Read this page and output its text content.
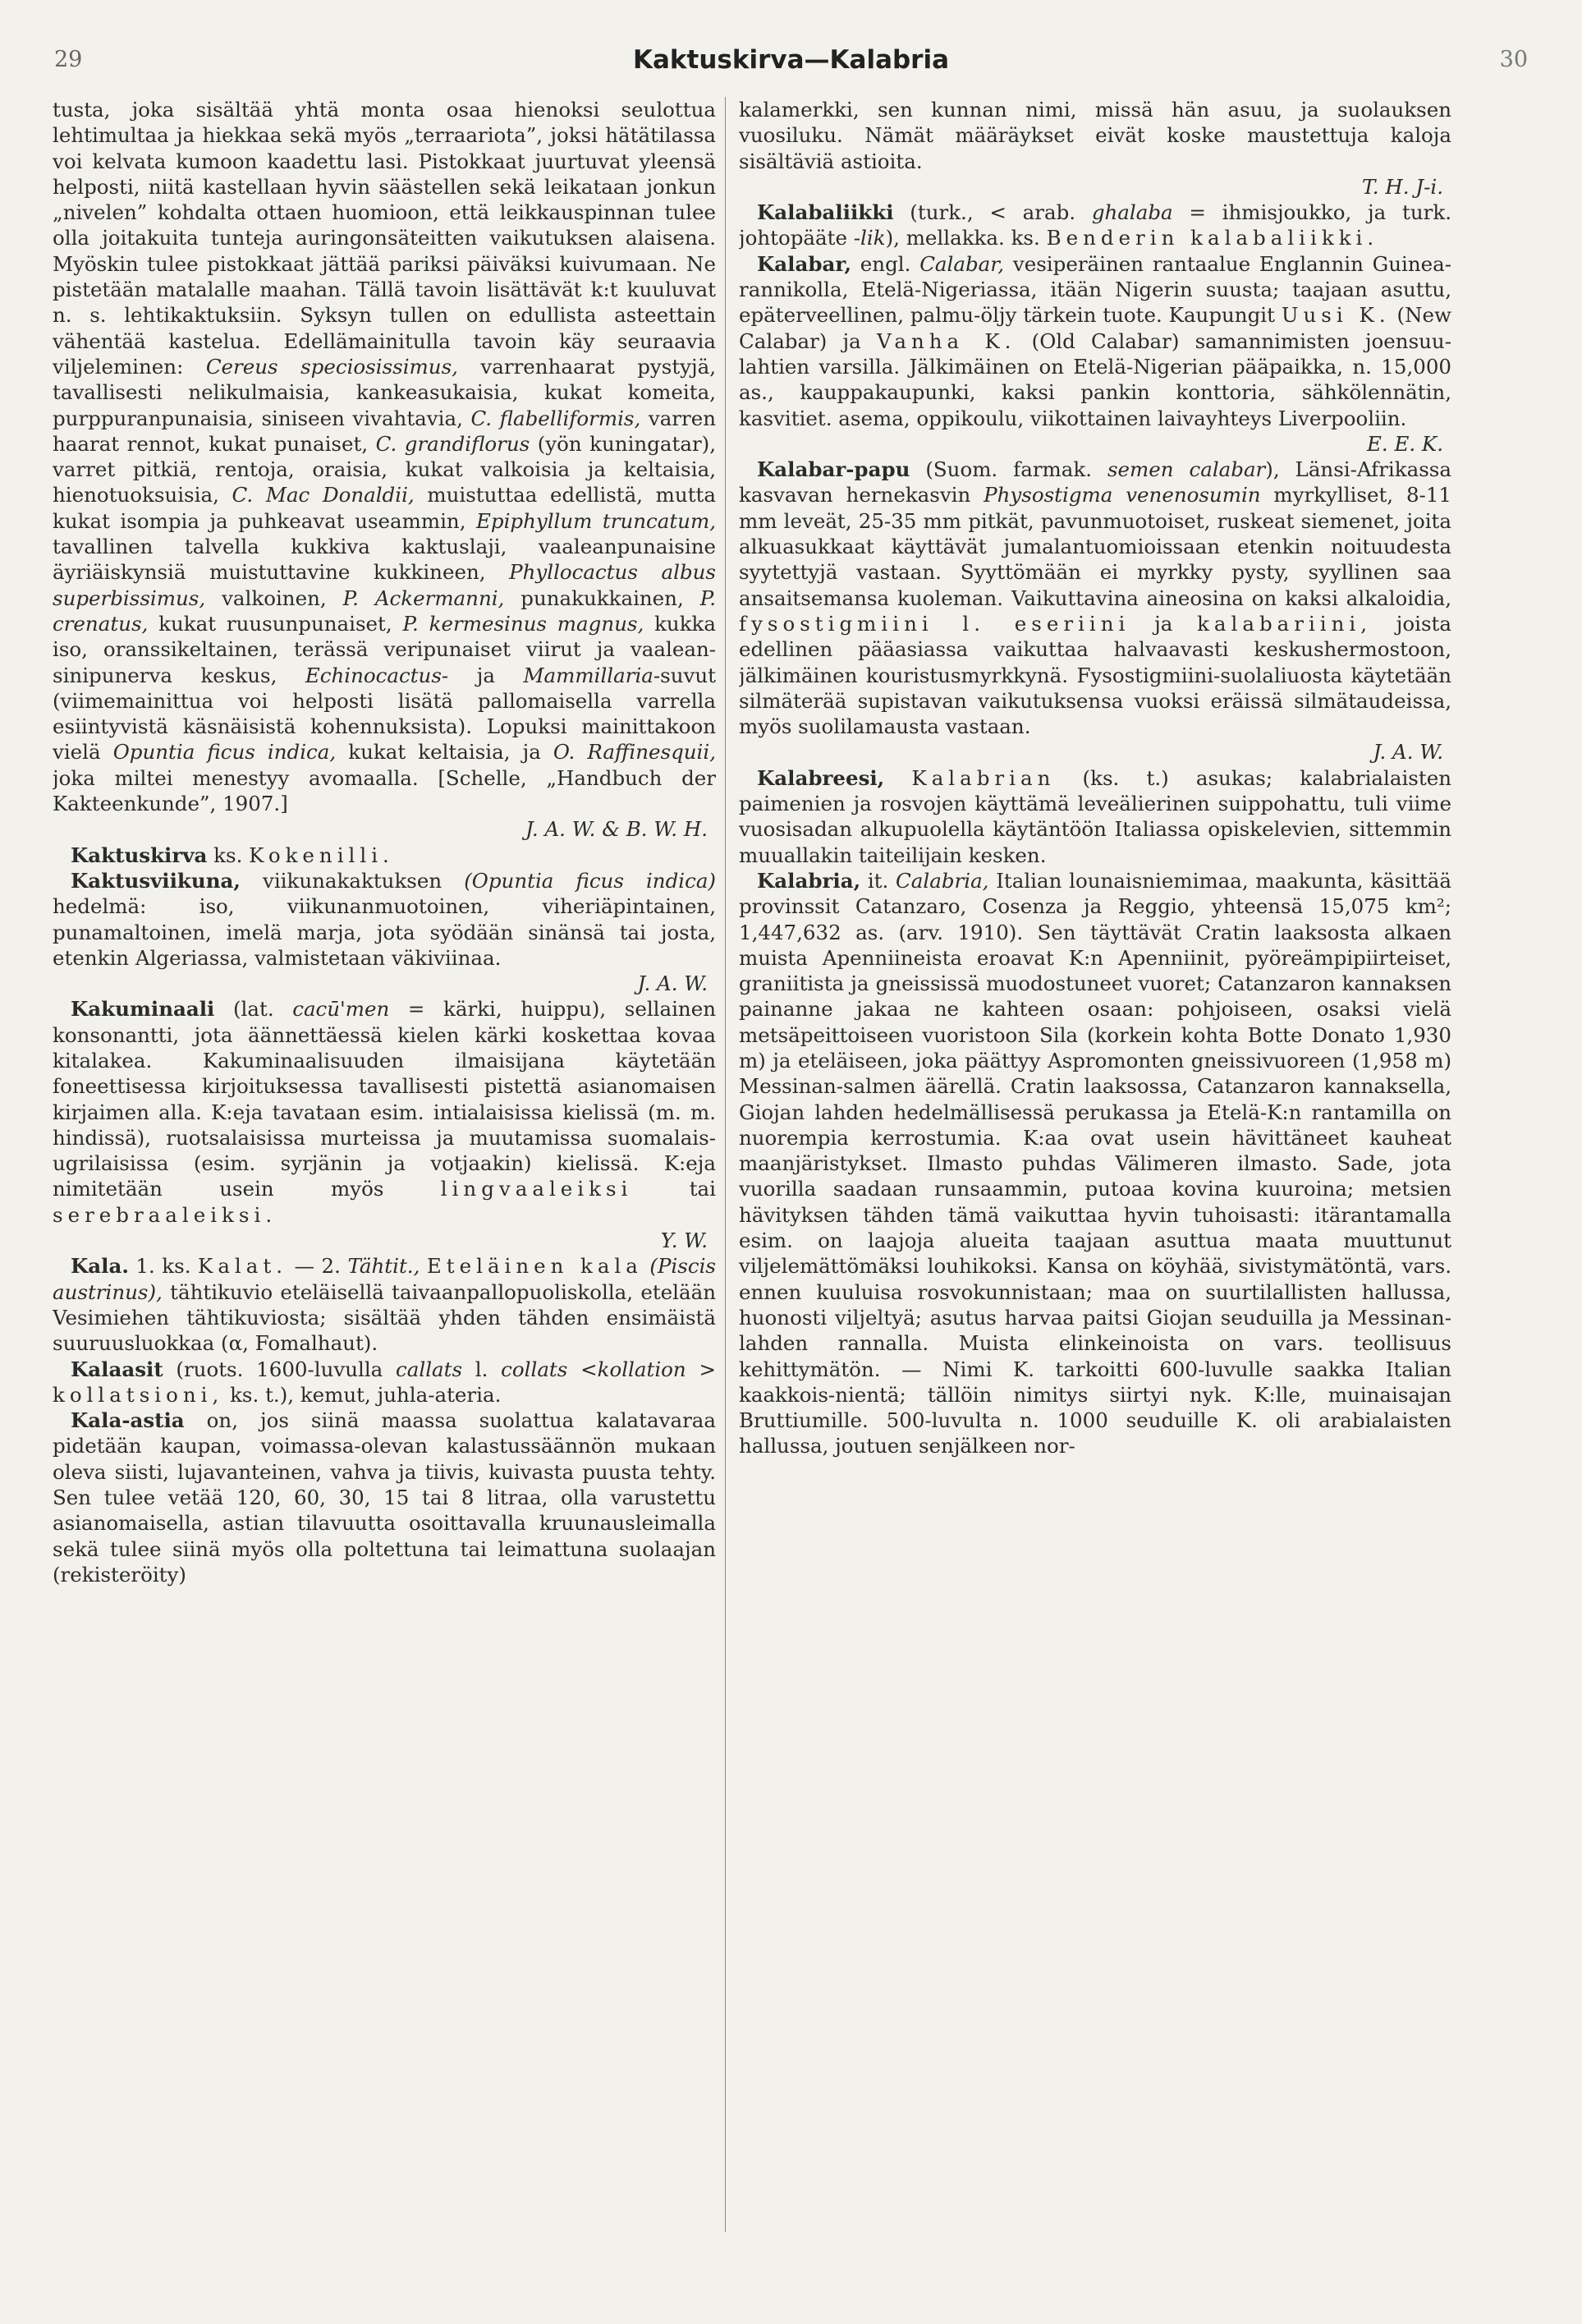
29	Kaktuskirva—Kalabria	30

tusta, joka sisältää yhtä monta osaa hienoksi seulottua lehtimultaa ja hiekkaa sekä myös „terraariota”, joksi hätätilassa voi kelvata kumoon kaadettu lasi. Pistokkaat juurtuvat yleensä helposti, niitä kastellaan hyvin säästellen sekä leikataan jonkun „nivelen” kohdalta ottaen huomioon, että leikkauspinnan tulee olla joitakuita tunteja auringonsäteitten vaikutuksen alaisena. Myöskin tulee pistokkaat jättää pariksi päiväksi kuivumaan. Ne pistetään matalalle maahan. Tällä tavoin lisättävät k:t kuuluvat n. s. lehtikaktuksiin. Syksyn tullen on edullista asteettain vähentää kastelua. Edellämainitulla tavoin käy seuraavia viljeleminen: Cereus speciosissimus, varrenhaarat pystyjä, tavallisesti nelikulmaisia, kankeasukaisia, kukat komeita, purppuranpunaisia, siniseen vivahtavia, C. flabelliformis, varren haarat rennot, kukat punaiset, C. grandiflorus (yön kuningatar), varret pitkiä, rentoja, oraisia, kukat valkoisia ja keltaisia, hienotuoksuisia, C. Mac Donaldii, muistuttaa edellistä, mutta kukat isompia ja puhkeavat useammin, Epiphyllum truncatum, tavallinen talvella kukkiva kaktuslaji, vaaleanpunaisine äyriäiskynsiä muistuttavine kukkineen, Phyllocactus albus superbissimus, valkoinen, P. Ackermanni, punakukkainen, P. crenatus, kukat ruusunpunaiset, P. kermesinus magnus, kukka iso, oranssikeltainen, terässä veripunaiset viirut ja vaalean-sinipunerva keskus, Echinocactus- ja Mammillaria-suvut (viimemainittua voi helposti lisätä pallomaisella varrella esiintyvistä käsnäisistä kohennuksista). Lopuksi mainittakoon vielä Opuntia ficus indica, kukat keltaisia, ja O. Raffinesquii, joka miltei menestyy avomaalla. [Schelle, „Handbuch der Kakteenkunde”, 1907.]

J. A. W. & B. W. H.

Kaktuskirva ks. Kokenilli.

Kaktusviikuna, viikunakaktuksen (Opuntia ficus indica) hedelmä: iso, viikunanmuotoinen, viheriäpintainen, punamaltoinen, imelä marja, jota syödään sinänsä tai josta, etenkin Algeriassa, valmistetaan väkiviinaa.

J. A. W.

Kakuminaali (lat. cacū'men = kärki, huippu), sellainen konsonantti, jota äännettäessä kielen kärki koskettaa kovaa kitalakea. Kakuminaalisuuden ilmaisijana käytetään foneettisessa kirjoituksessa tavallisesti pistettä asianomaisen kirjaimen alla. K:eja tavataan esim. intialaisissa kielissä (m. m. hindissä), ruotsalaisissa murteissa ja muutamissa suomalais-ugrilaisissa (esim. syrjänin ja votjaakin) kielissä. K:eja nimitetään usein myös lingvaaleiksi tai serebraaleiksi.

Y. W.

Kala. 1. ks. Kalat. — 2. Tähtit., Eteläinen kala (Piscis austrinus), tähtikuvio eteläisellä taivaanpallopuoliskolla, etelään Vesimiehen tähtikuviosta; sisältää yhden tähden ensimäistä suuruusluokkaa (α, Fomalhaut).

Kalaasit (ruots. 1600-luvulla callats l. collats <kollation > kollatsioni, ks. t.), kemut, juhla-ateria.

Kala-astia on, jos siinä maassa suolattua kalatavaraa pidetään kaupan, voimassa-olevan kalastussäännön mukaan oleva siisti, lujavanteinen, vahva ja tiivis, kuivasta puusta tehty. Sen tulee vetää 120, 60, 30, 15 tai 8 litraa, olla varustettu asianomaisella, astian tilavuutta osoittavalla kruunausleimalla sekä tulee siinä myös olla poltettuna tai leimattuna suolaajan (rekisteröity)

kalamerkki, sen kunnan nimi, missä hän asuu, ja suolauksen vuosiluku. Nämät määräykset eivät koske maustettuja kaloja sisältäviä astioita.

T. H. J-i.

Kalabaliikki (turk., < arab. ghalaba = ihmisjoukko, ja turk. johtopääte -lik), mellakka. ks. Benderin kalabaliikki.

Kalabar, engl. Calabar, vesiperäinen rantaalue Englannin Guinea-rannikolla, Etelä-Nigeriassa, itään Nigerin suusta; taajaan asuttu, epäterveellinen, palmu-öljy tärkein tuote. Kaupungit Uusi K. (New Calabar) ja Vanha K. (Old Calabar) samannimisten joensuu-lahtien varsilla. Jälkimäinen on Etelä-Nigerian pääpaikka, n. 15,000 as., kauppakaupunki, kaksi pankin konttoria, sähkölennätin, kasvitiet. asema, oppikoulu, viikottainen laivayhteys Liverpooliin.

E. E. K.

Kalabar-papu (Suom. farmak. semen calabar), Länsi-Afrikassa kasvavan hernekasvin Physostigma venenosumin myrkylliset, 8-11 mm leveät, 25-35 mm pitkät, pavunmuotoiset, ruskeat siemenet, joita alkuasukkaat käyttävät jumalantuomioissaan etenkin noituudesta syytettyjä vastaan. Syyttömään ei myrkky pysty, syyllinen saa ansaitsemansa kuoleman. Vaikuttavina aineosina on kaksi alkaloidia, fysostigmiini l. eseriini ja kalabariini, joista edellinen pääasiassa vaikuttaa halvaavasti keskushermostoon, jälkimäinen kouristusmyrkkynä. Fysostigmiini-suolaliuosta käytetään silmäterää supistavan vaikutuksensa vuoksi eräissä silmätaudeissa, myös suolilamausta vastaan.

J. A. W.

Kalabreesi, Kalabrian (ks. t.) asukas; kalabrialaisten paimenien ja rosvojen käyttämä leveälierinen suippohattu, tuli viime vuosisadan alkupuolella käytäntöön Italiassa opiskelevien, sittemmin muuallakin taiteilijain kesken.

Kalabria, it. Calabria, Italian lounaisniemimaa, maakunta, käsittää provinssit Catanzaro, Cosenza ja Reggio, yhteensä 15,075 km²; 1,447,632 as. (arv. 1910). Sen täyttävät Cratin laaksosta alkaen muista Apenniineista eroavat K:n Apenniinit, pyöreämpipiirteiset, graniitista ja gneississä muodostuneet vuoret; Catanzaron kannaksen painanne jakaa ne kahteen osaan: pohjoiseen, osaksi vielä metsäpeittoiseen vuoristoon Sila (korkein kohta Botte Donato 1,930 m) ja eteläiseen, joka päättyy Aspromonten gneissivuoreen (1,958 m) Messinan-salmen äärellä. Cratin laaksossa, Catanzaron kannaksella, Giojan lahden hedelmällisessä perukassa ja Etelä-K:n rantamilla on nuorempia kerrostumia. K:aa ovat usein hävittäneet kauheat maanjäristykset. Ilmasto puhdas Välimeren ilmasto. Sade, jota vuorilla saadaan runsaammin, putoaa kovina kuuroina; metsien hävityksen tähden tämä vaikuttaa hyvin tuhoisasti: itärantamalla esim. on laajoja alueita taajaan asuttua maata muuttunut viljelemättömäksi louhikoksi. Kansa on köyhää, sivistymätöntä, vars. ennen kuuluisa rosvokunnistaan; maa on suurtilallisten hallussa, huonosti viljeltyä; asutus harvaa paitsi Giojan seuduilla ja Messinan-lahden rannalla. Muista elinkeinoista on vars. teollisuus kehittymätön. — Nimi K. tarkoitti 600-luvulle saakka Italian kaakkois-nientä; tällöin nimitys siirtyi nyk. K:lle, muinaisajan Bruttiumille. 500-luvulta n. 1000 seuduille K. oli arabialaisten hallussa, joutuen senjälkeen nor-
